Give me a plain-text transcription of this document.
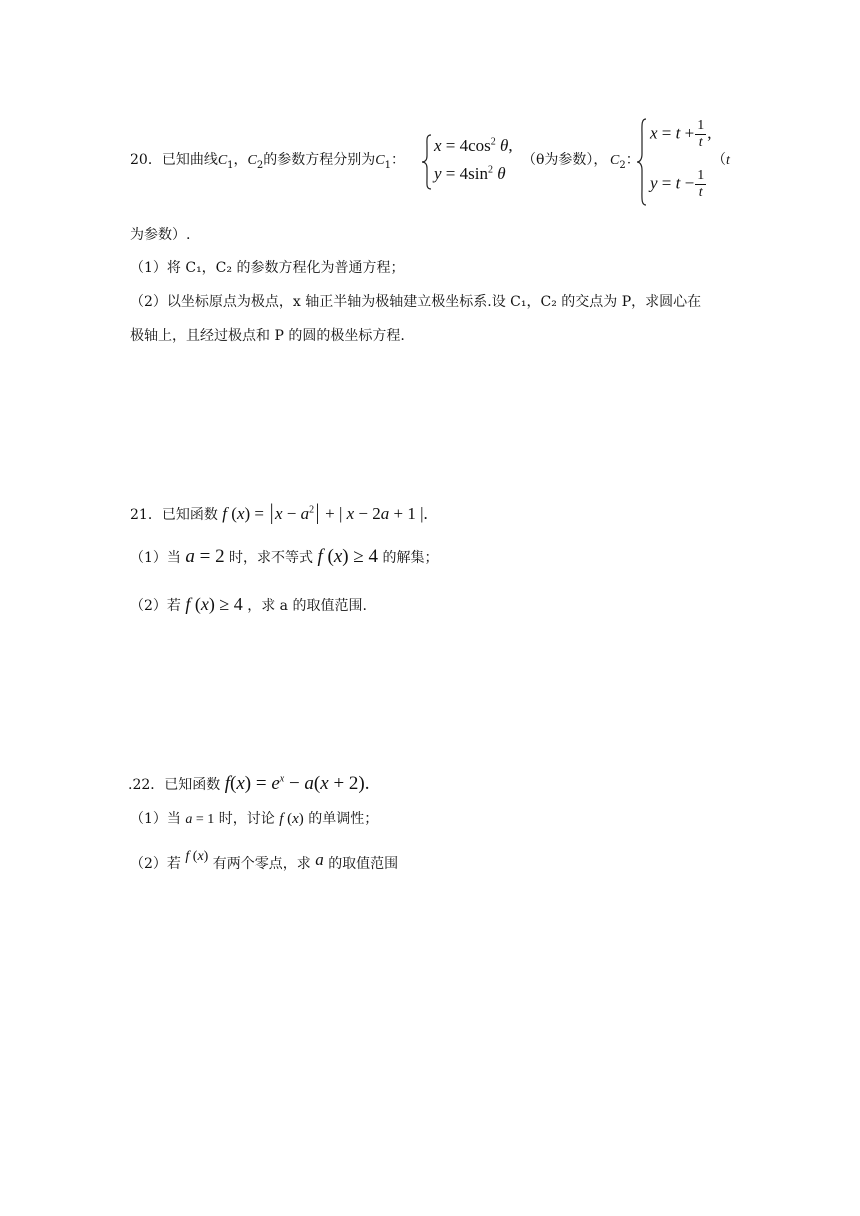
20．已知曲线$C_1$，$C_2$的参数方程分别为$C_1$：
$x = 4\cos^2$ θ,
$y = 4\sin^2$ θ
（θ为参数）， $C_2$：
$x = t + \frac{1}{t}$ ,
$y = t - \frac{1}{t}$
（t
为参数）.
（1）将 C₁，C₂ 的参数方程化为普通方程；
（2）以坐标原点为极点，x 轴正半轴为极轴建立极坐标系.设 C₁，C₂ 的交点为 P，求圆心在
极轴上，且经过极点和 P 的圆的极坐标方程.
21．已知函数 f $(x) = |x - a^2|$ + | x − 2a + 1 |.
（1）当 a = 2 时，求不等式 f (x) ≥ 4 的解集；
（2）若 f (x) ≥ 4 ，求 a 的取值范围.
.22．已知函数 $f(x) = e^x - a(x + 2)$.
（1）当 a = 1 时，讨论 f (x) 的单调性；
（2）若 f (x) 有两个零点，求 a 的取值范围
